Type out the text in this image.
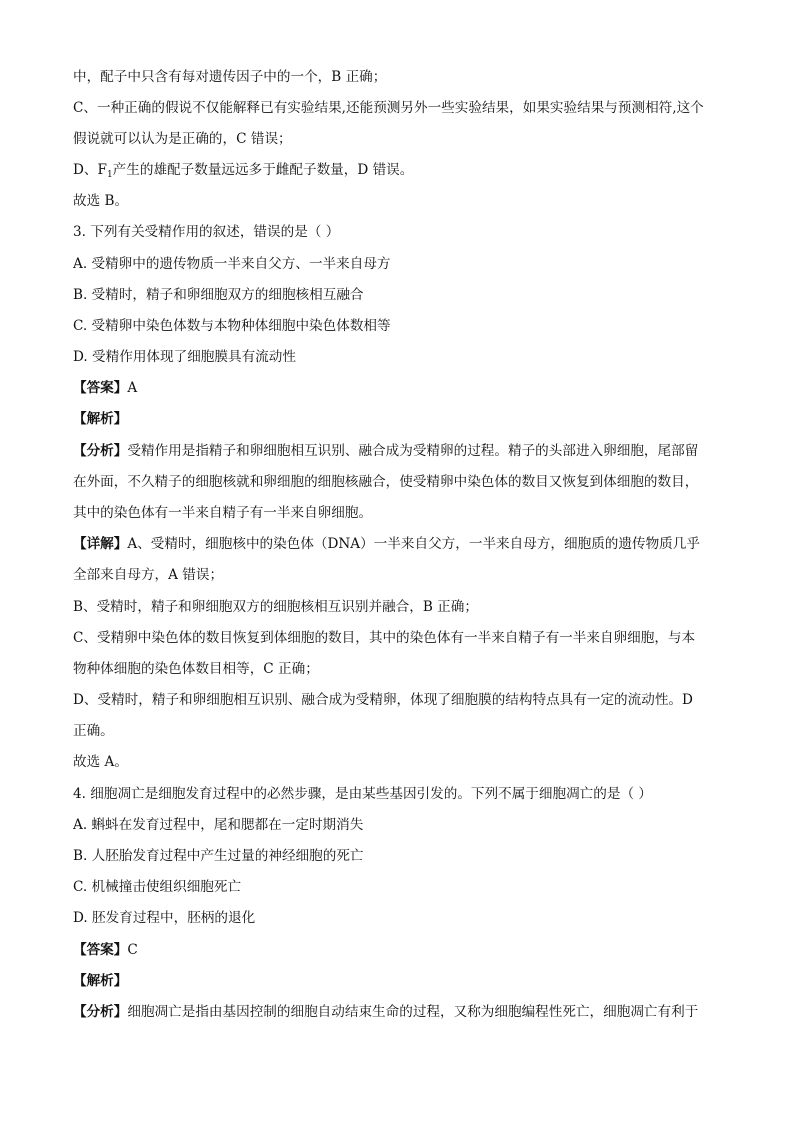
中，配子中只含有每对遗传因子中的一个，B 正确；
C、一种正确的假说不仅能解释已有实验结果,还能预测另外一些实验结果，如果实验结果与预测相符,这个
假说就可以认为是正确的，C 错误；
D、$F_1$产生的雄配子数量远远多于雌配子数量，D 错误。
故选 B。
3. 下列有关受精作用的叙述，错误的是（ ）
A. 受精卵中的遗传物质一半来自父方、一半来自母方
B. 受精时，精子和卵细胞双方的细胞核相互融合
C. 受精卵中染色体数与本物种体细胞中染色体数相等
D. 受精作用体现了细胞膜具有流动性
【答案】A
【解析】
【分析】受精作用是指精子和卵细胞相互识别、融合成为受精卵的过程。精子的头部进入卵细胞，尾部留
在外面，不久精子的细胞核就和卵细胞的细胞核融合，使受精卵中染色体的数目又恢复到体细胞的数目，
其中的染色体有一半来自精子有一半来自卵细胞。
【详解】A、受精时，细胞核中的染色体（DNA）一半来自父方，一半来自母方，细胞质的遗传物质几乎
全部来自母方，A 错误；
B、受精时，精子和卵细胞双方的细胞核相互识别并融合，B 正确；
C、受精卵中染色体的数目恢复到体细胞的数目，其中的染色体有一半来自精子有一半来自卵细胞，与本
物种体细胞的染色体数目相等，C 正确；
D、受精时，精子和卵细胞相互识别、融合成为受精卵，体现了细胞膜的结构特点具有一定的流动性。D
正确。
故选 A。
4. 细胞凋亡是细胞发育过程中的必然步骤，是由某些基因引发的。下列不属于细胞凋亡的是（ ）
A. 蝌蚪在发育过程中，尾和腮都在一定时期消失
B. 人胚胎发育过程中产生过量的神经细胞的死亡
C. 机械撞击使组织细胞死亡
D. 胚发育过程中，胚柄的退化
【答案】C
【解析】
【分析】细胞凋亡是指由基因控制的细胞自动结束生命的过程，又称为细胞编程性死亡，细胞凋亡有利于
